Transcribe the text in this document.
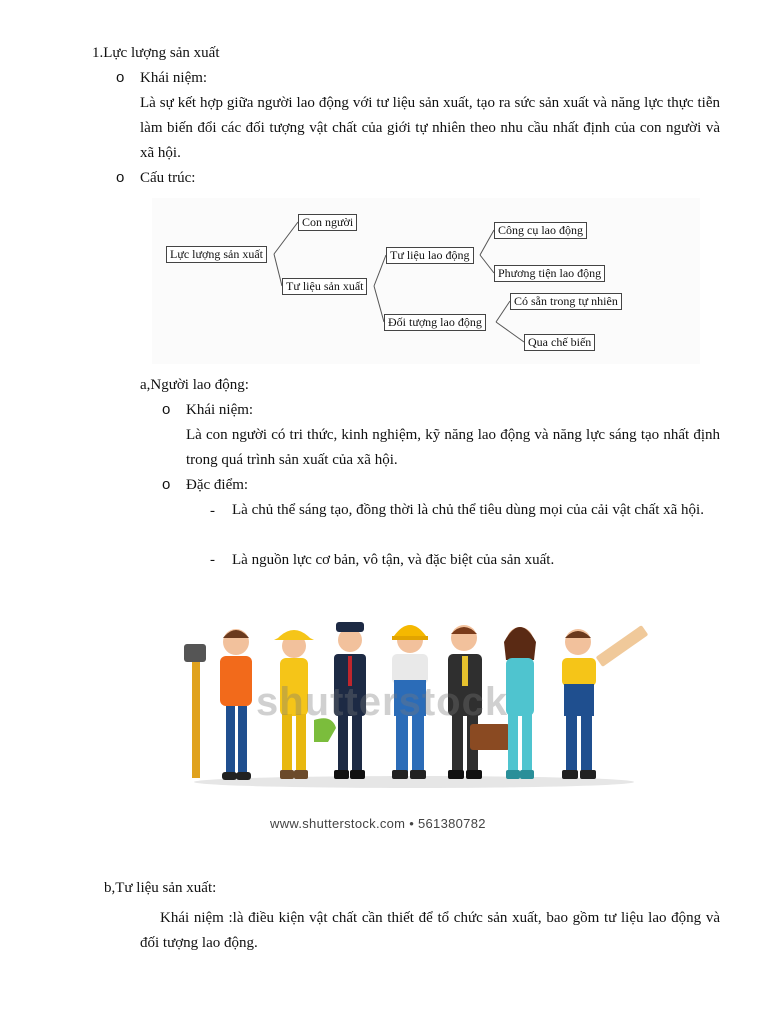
1.Lực lượng sản xuất
o Khái niệm:
Là sự kết hợp giữa người lao động với tư liệu sản xuất, tạo ra sức sản xuất và năng lực thực tiễn làm biến đổi các đối tượng vật chất của giới tự nhiên theo nhu cầu nhất định của con người và xã hội.
o Cấu trúc:
Lực lượng sản xuất
Con người
Tư liệu sản xuất
Tư liệu lao động
Đối tượng lao động
Công cụ lao động
Phương tiện lao động
Có sẵn trong tự nhiên
Qua chế biến
a,Người lao động:
o Khái niệm:
Là con người có tri thức, kinh nghiệm, kỹ năng lao động và năng lực sáng tạo nhất định trong quá trình sản xuất của xã hội.
o Đặc điểm:
- Là chủ thể sáng tạo, đồng thời là chủ thể tiêu dùng mọi của cải vật chất xã hội.
- Là nguồn lực cơ bản, vô tận, và đặc biệt của sản xuất.
shutterstock
www.shutterstock.com • 561380782
b,Tư liệu sản xuất:
Khái niệm :là điều kiện vật chất cần thiết để tổ chức sản xuất, bao gồm tư liệu lao động và đối tượng lao động.
